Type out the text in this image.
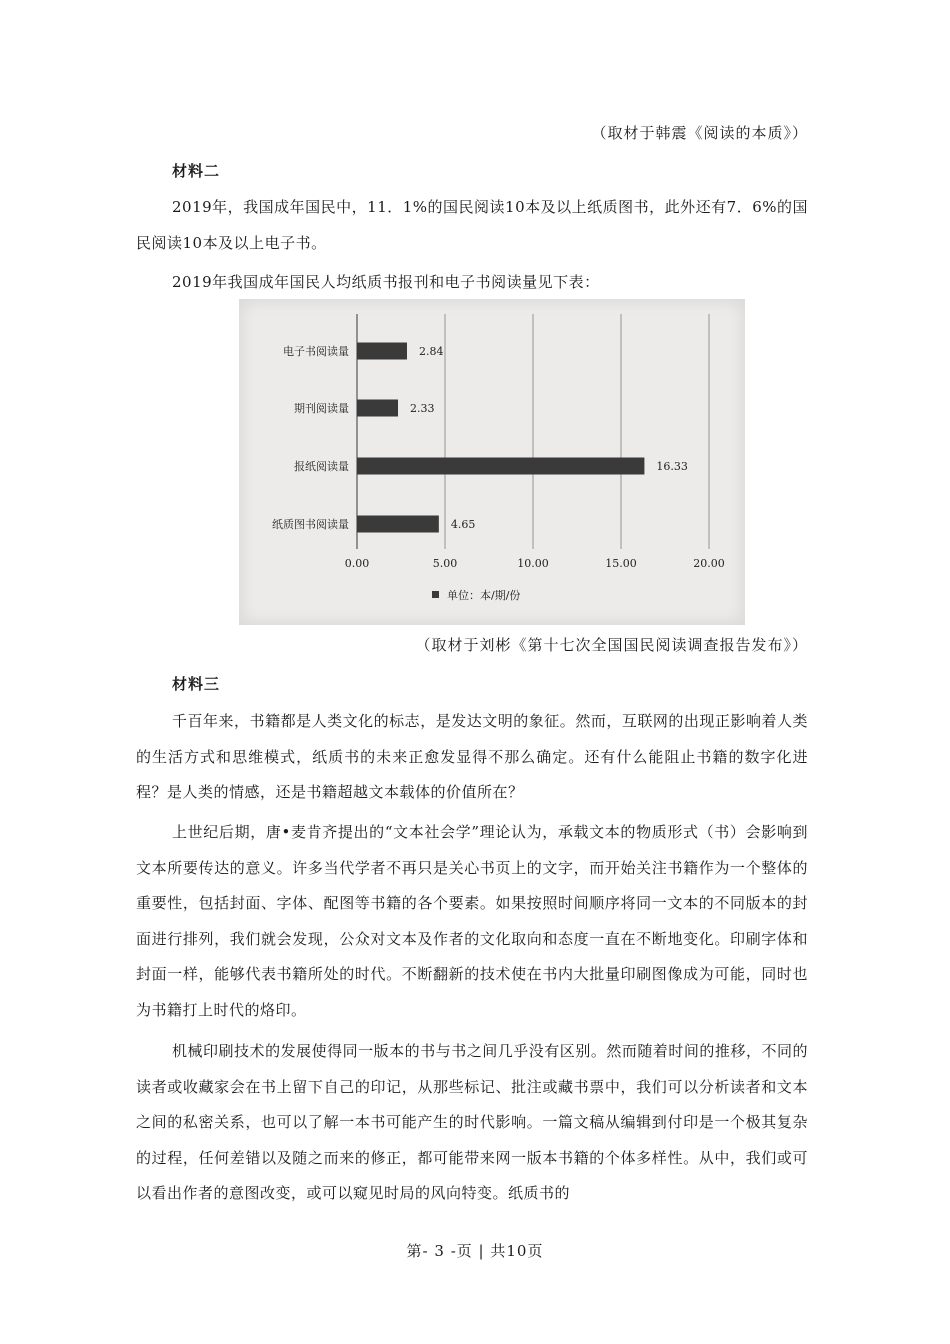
（取材于韩震《阅读的本质》）
材料二
2019年，我国成年国民中，11．1%的国民阅读10本及以上纸质图书，此外还有7．6%的国民阅读10本及以上电子书。
2019年我国成年国民人均纸质书报刊和电子书阅读量见下表：
0.00	5.00	10.00	15.00	20.00
电子书阅读量	2.84
期刊阅读量	2.33
报纸阅读量	16.33
纸质图书阅读量	4.65
单位：本/期/份
（取材于刘彬《第十七次全国国民阅读调查报告发布》）
材料三
千百年来，书籍都是人类文化的标志，是发达文明的象征。然而，互联网的出现正影响着人类的生活方式和思维模式，纸质书的未来正愈发显得不那么确定。还有什么能阻止书籍的数字化进程？是人类的情感，还是书籍超越文本载体的价值所在？
上世纪后期，唐•麦肯齐提出的“文本社会学”理论认为，承载文本的物质形式（书）会影响到文本所要传达的意义。许多当代学者不再只是关心书页上的文字，而开始关注书籍作为一个整体的重要性，包括封面、字体、配图等书籍的各个要素。如果按照时间顺序将同一文本的不同版本的封面进行排列，我们就会发现，公众对文本及作者的文化取向和态度一直在不断地变化。印刷字体和封面一样，能够代表书籍所处的时代。不断翻新的技术使在书内大批量印刷图像成为可能，同时也为书籍打上时代的烙印。
机械印刷技术的发展使得同一版本的书与书之间几乎没有区别。然而随着时间的推移，不同的读者或收藏家会在书上留下自己的印记，从那些标记、批注或藏书票中，我们可以分析读者和文本之间的私密关系，也可以了解一本书可能产生的时代影响。一篇文稿从编辑到付印是一个极其复杂的过程，任何差错以及随之而来的修正，都可能带来网一版本书籍的个体多样性。从中，我们或可以看出作者的意图改变，或可以窥见时局的风向特变。纸质书的
第- 3 -页 | 共10页
